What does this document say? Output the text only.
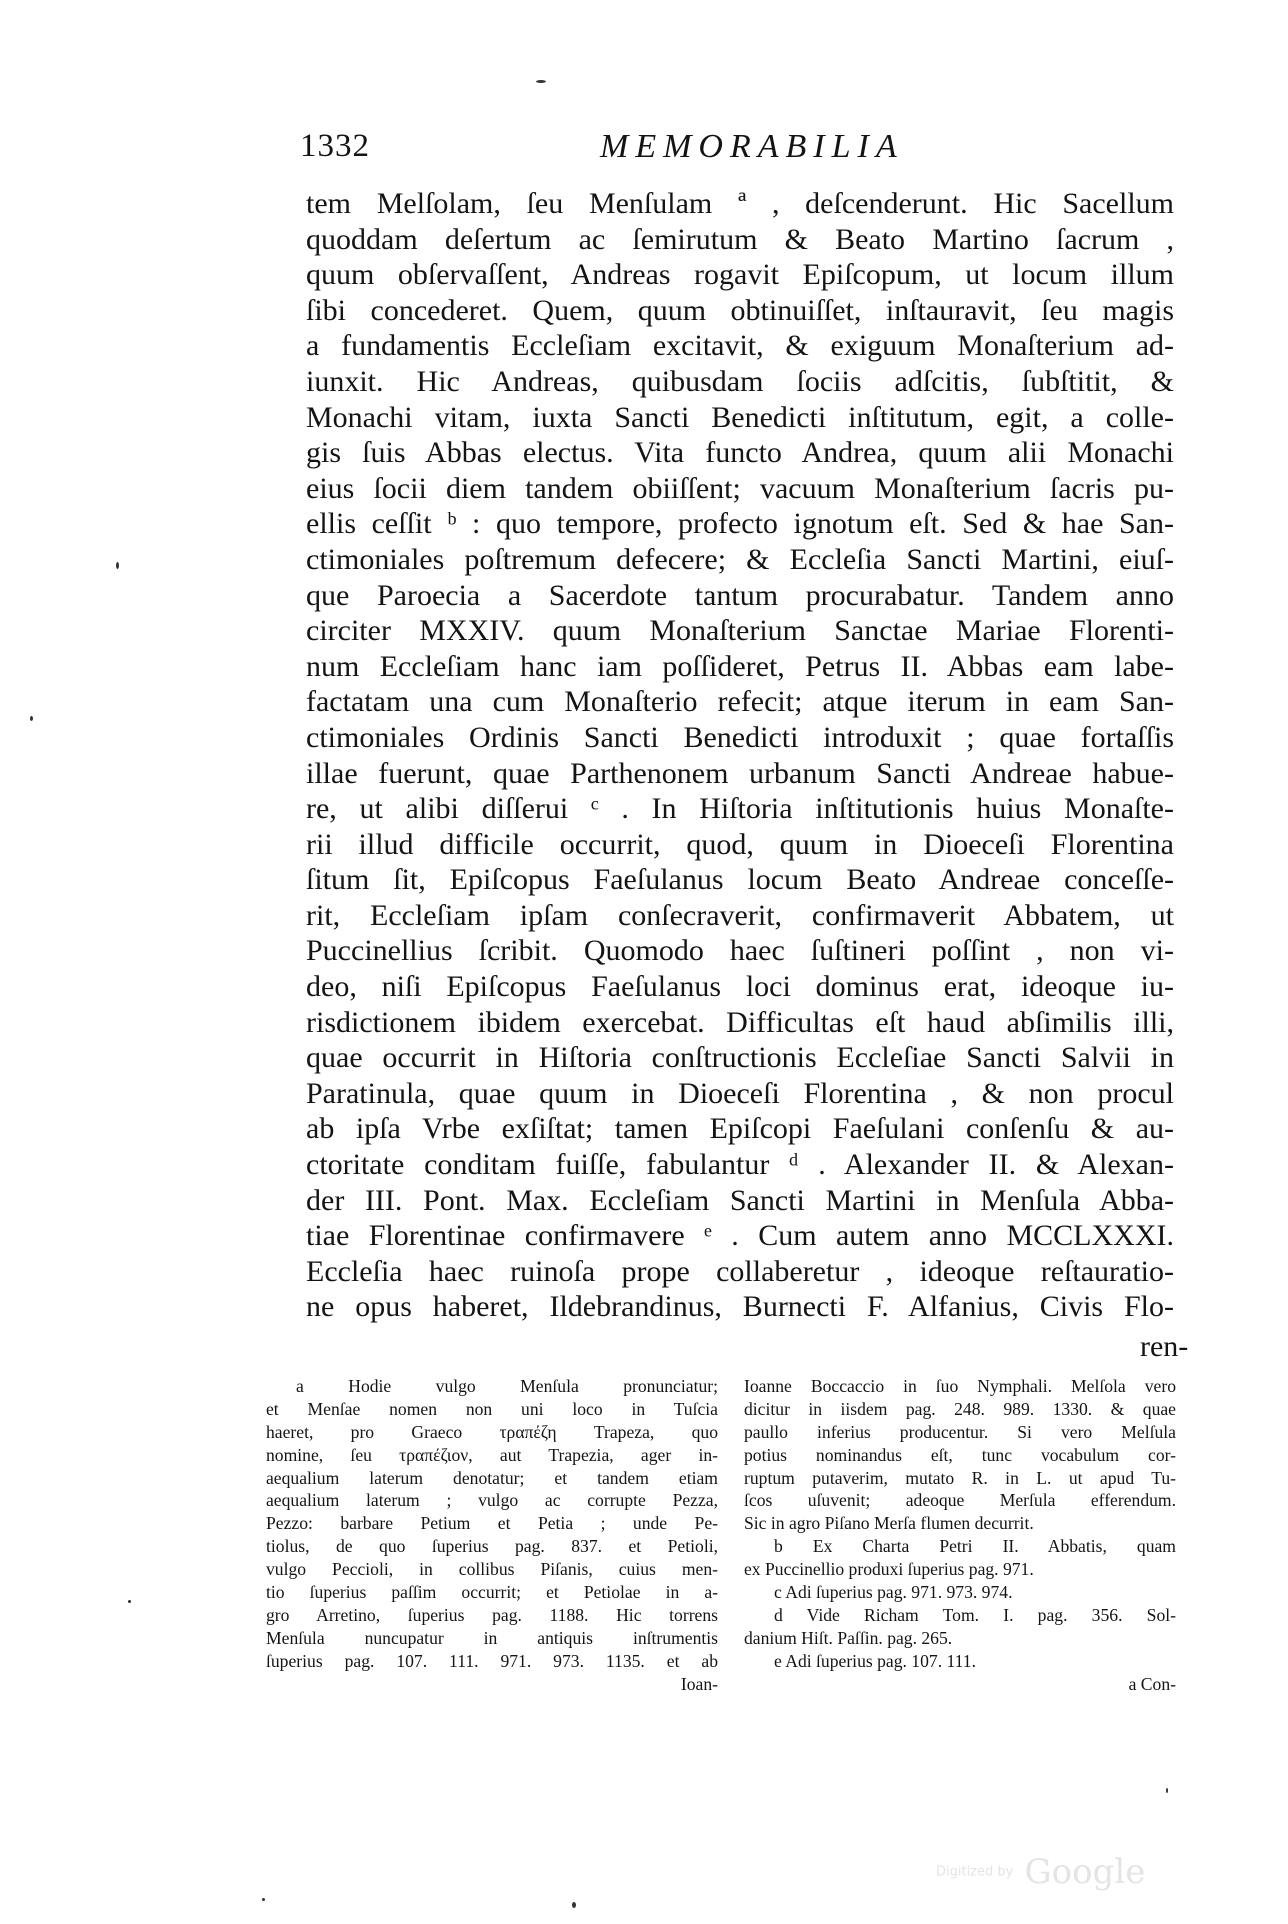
1332	MEMORABILIA
tem Melſolam, ſeu Menſulam ª , deſcenderunt. Hic Sacellum
quoddam deſertum ac ſemirutum & Beato Martino ſacrum ,
quum obſervaſſent, Andreas rogavit Epiſcopum, ut locum illum
ſibi concederet. Quem, quum obtinuiſſet, inſtauravit, ſeu magis
a fundamentis Eccleſiam excitavit, & exiguum Monaſterium ad-
iunxit. Hic Andreas, quibusdam ſociis adſcitis, ſubſtitit, &
Monachi vitam, iuxta Sancti Benedicti inſtitutum, egit, a colle-
gis ſuis Abbas electus. Vita functo Andrea, quum alii Monachi
eius ſocii diem tandem obiiſſent; vacuum Monaſterium ſacris pu-
ellis ceſſit ᵇ : quo tempore, profecto ignotum eſt. Sed & hae San-
ctimoniales poſtremum defecere; & Eccleſia Sancti Martini, eiuſ-
que Paroecia a Sacerdote tantum procurabatur. Tandem anno
circiter MXXIV. quum Monaſterium Sanctae Mariae Florenti-
num Eccleſiam hanc iam poſſideret, Petrus II. Abbas eam labe-
factatam una cum Monaſterio refecit; atque iterum in eam San-
ctimoniales Ordinis Sancti Benedicti introduxit ; quae fortaſſis
illae fuerunt, quae Parthenonem urbanum Sancti Andreae habue-
re, ut alibi diſſerui ᶜ . In Hiſtoria inſtitutionis huius Monaſte-
rii illud difficile occurrit, quod, quum in Dioeceſi Florentina
ſitum ſit, Epiſcopus Faeſulanus locum Beato Andreae conceſſe-
rit, Eccleſiam ipſam conſecraverit, confirmaverit Abbatem, ut
Puccinellius ſcribit. Quomodo haec ſuſtineri poſſint , non vi-
deo, niſi Epiſcopus Faeſulanus loci dominus erat, ideoque iu-
risdictionem ibidem exercebat. Difficultas eſt haud abſimilis illi,
quae occurrit in Hiſtoria conſtructionis Eccleſiae Sancti Salvii in
Paratinula, quae quum in Dioeceſi Florentina , & non procul
ab ipſa Vrbe exſiſtat; tamen Epiſcopi Faeſulani conſenſu & au-
ctoritate conditam fuiſſe, fabulantur ᵈ . Alexander II. & Alexan-
der III. Pont. Max. Eccleſiam Sancti Martini in Menſula Abba-
tiae Florentinae confirmavere ᵉ . Cum autem anno MCCLXXXI.
Eccleſia haec ruinoſa prope collaberetur , ideoque reſtauratio-
ne opus haberet, Ildebrandinus, Burnecti F. Alfanius, Civis Flo-
ren-
a Hodie vulgo Menſula pronunciatur;
et Menſae nomen non uni loco in Tuſcia
haeret, pro Graeco τραπέζη Trapeza, quo
nomine, ſeu τραπέζιον, aut Trapezia, ager in-
aequalium laterum denotatur; et tandem etiam
aequalium laterum ; vulgo ac corrupte Pezza,
Pezzo: barbare Petium et Petia ; unde Pe-
tiolus, de quo ſuperius pag. 837. et Petioli,
vulgo Peccioli, in collibus Piſanis, cuius men-
tio ſuperius paſſim occurrit; et Petiolae in a-
gro Arretino, ſuperius pag. 1188. Hic torrens
Menſula nuncupatur in antiquis inſtrumentis
ſuperius pag. 107. 111. 971. 973. 1135. et ab
Ioan-
Ioanne Boccaccio in ſuo Nymphali. Melſola vero
dicitur in iisdem pag. 248. 989. 1330. & quae
paullo inferius producentur. Si vero Melſula
potius nominandus eſt, tunc vocabulum cor-
ruptum putaverim, mutato R. in L. ut apud Tu-
ſcos uſuvenit; adeoque Merſula efferendum.
Sic in agro Piſano Merſa flumen decurrit.
b Ex Charta Petri II. Abbatis, quam
ex Puccinellio produxi ſuperius pag. 971.
c Adi ſuperius pag. 971. 973. 974.
d Vide Richam Tom. I. pag. 356. Sol-
danium Hiſt. Paſſin. pag. 265.
e Adi ſuperius pag. 107. 111.
a Con-
Digitized by Google
